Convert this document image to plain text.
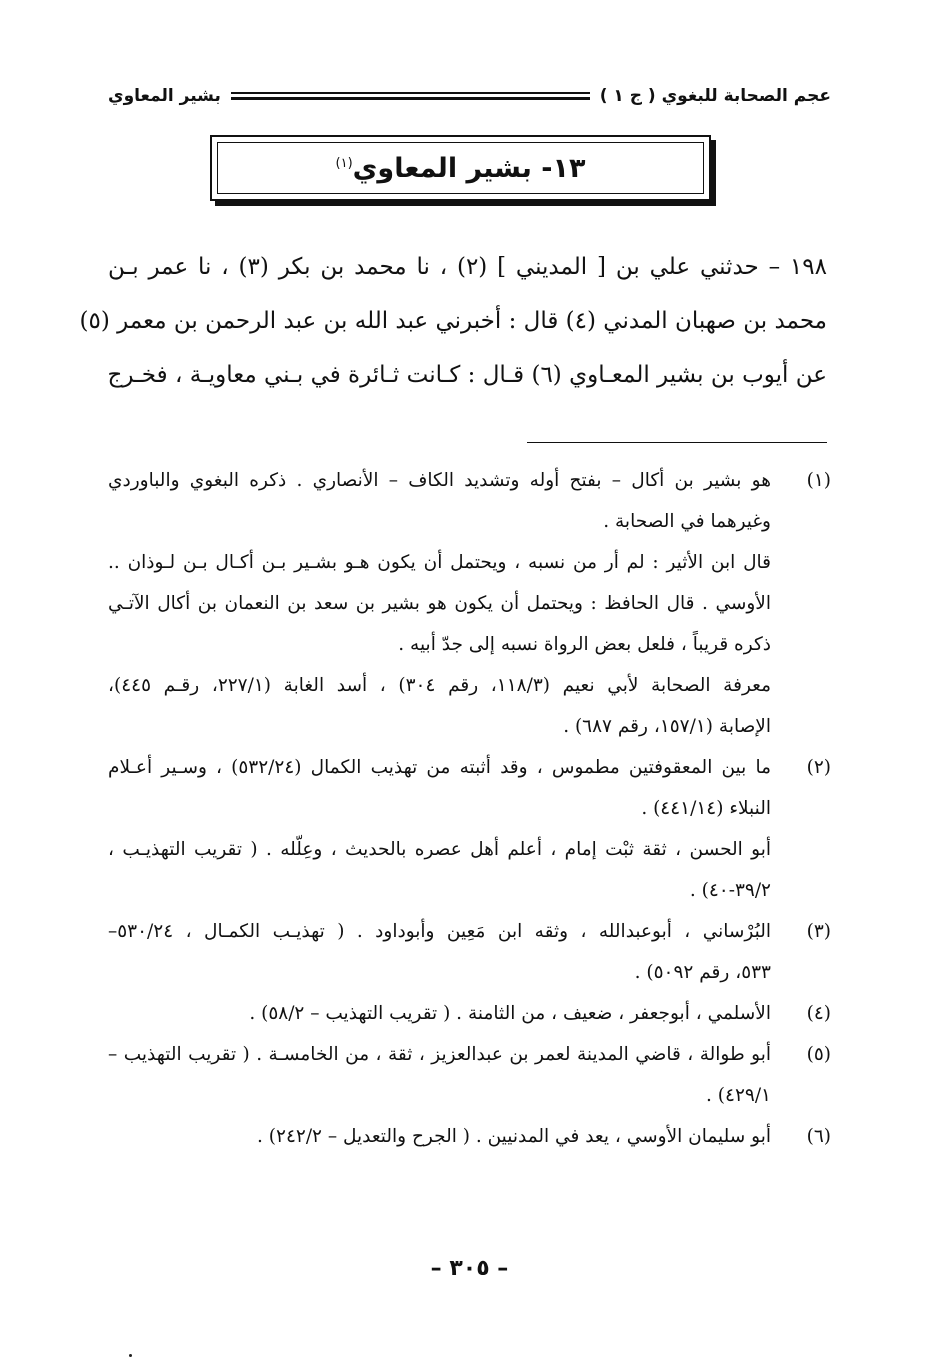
عجم الصحابة للبغوي ( ج ١ )
بشير المعاوي
١٣- بشير المعاوي$^{(١)}$
١٩٨ – حدثني علي بن [ المديني ] (٢) ، نا محمد بن بكر (٣) ، نا عمر بـن
محمد بن صهبان المدني (٤) قال : أخبرني عبد الله بن عبد الرحمن بن معمر (٥)
عن أيوب بن بشير المعـاوي (٦) قـال : كـانت ثـائرة في بـني معاويـة ، فخـرج
(١)
هو بشير بن أكال – بفتح أوله وتشديد الكاف – الأنصاري . ذكره البغوي والباوردي
وغيرهما في الصحابة .
قال ابن الأثير : لم أر من نسبه ، ويحتمل أن يكون هـو بشـير بـن أكـال بـن لـوذان ..
الأوسي . قال الحافظ : ويحتمل أن يكون هو بشير بن سعد بن النعمان بن أكال الآتـي
ذكره قريباً ، فلعل بعض الرواة نسبه إلى جدّ أبيه .
معرفة الصحابة لأبي نعيم (١١٨/٣، رقم ٣٠٤) ، أسد الغابة (٢٢٧/١، رقـم ٤٤٥)،
الإصابة (١٥٧/١، رقم ٦٨٧) .
(٢)
ما بين المعقوفتين مطموس ، وقد أثبته من تهذيب الكمال (٥٣٢/٢٤) ، وسـير أعـلام
النبلاء (٤٤١/١٤) .
أبو الحسن ، ثقة ثبْت إمام ، أعلم أهل عصره بالحديث ، وعِلّله . ( تقريب التهذيـب ،
٣٩/٢-٤٠) .
(٣)
البُرْساني ، أبوعبدالله ، وثقه ابن مَعِين وأبوداود . ( تهذيـب الكمـال ، ٥٣٠/٢٤–
٥٣٣، رقم ٥٠٩٢) .
(٤)
الأسلمي ، أبوجعفر ، ضعيف ، من الثامنة . ( تقريب التهذيب – ٥٨/٢) .
(٥)
أبو طوالة ، قاضي المدينة لعمر بن عبدالعزيز ، ثقة ، من الخامسـة . ( تقريب التهذيب –
٤٢٩/١) .
(٦)
أبو سليمان الأوسي ، يعد في المدنيين . ( الجرح والتعديل – ٢٤٢/٢) .
– ٣٠٥ –
